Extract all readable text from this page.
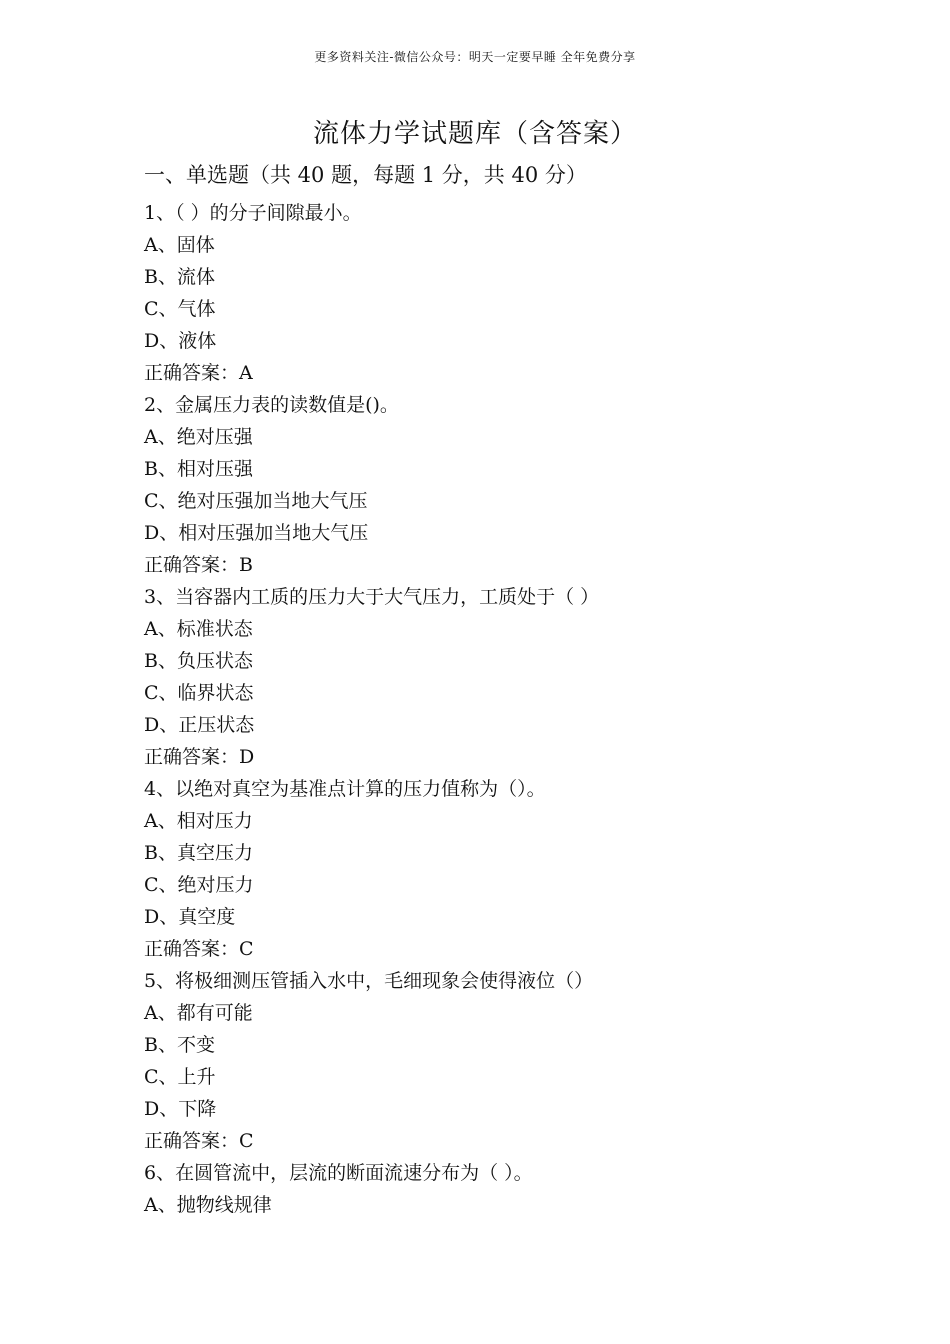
更多资料关注-微信公众号：明天一定要早睡 全年免费分享
流体力学试题库（含答案）
一、单选题（共 40 题，每题 1 分，共 40 分）
1、（ ）的分子间隙最小。
A、固体
B、流体
C、气体
D、液体
正确答案：A
2、金属压力表的读数值是()。
A、绝对压强
B、相对压强
C、绝对压强加当地大气压
D、相对压强加当地大气压
正确答案：B
3、当容器内工质的压力大于大气压力，工质处于（ ）
A、标准状态
B、负压状态
C、临界状态
D、正压状态
正确答案：D
4、以绝对真空为基准点计算的压力值称为（）。
A、相对压力
B、真空压力
C、绝对压力
D、真空度
正确答案：C
5、将极细测压管插入水中，毛细现象会使得液位（）
A、都有可能
B、不变
C、上升
D、下降
正确答案：C
6、在圆管流中，层流的断面流速分布为（ ）。
A、抛物线规律
